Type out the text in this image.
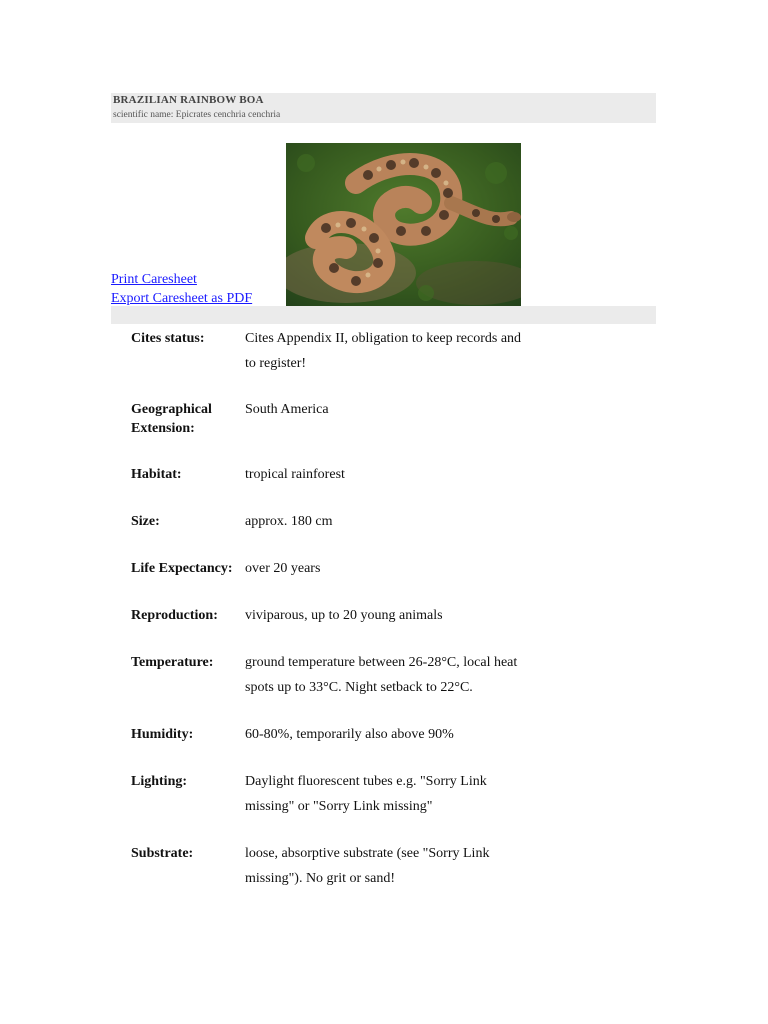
BRAZILIAN RAINBOW BOA
scientific name: Epicrates cenchria cenchria
Print Caresheet
Export Caresheet as PDF
Cites status:	Cites Appendix II, obligation to keep records and to register!

Geographical Extension:	South America

Habitat:	tropical rainforest

Size:	approx. 180 cm

Life Expectancy:	over 20 years

Reproduction:	viviparous, up to 20 young animals

Temperature:	ground temperature between 26-28°C, local heat spots up to 33°C. Night setback to 22°C.

Humidity:	60-80%, temporarily also above 90%

Lighting:	Daylight fluorescent tubes e.g. "Sorry Link missing" or "Sorry Link missing"

Substrate:	loose, absorptive substrate (see "Sorry Link missing"). No grit or sand!
